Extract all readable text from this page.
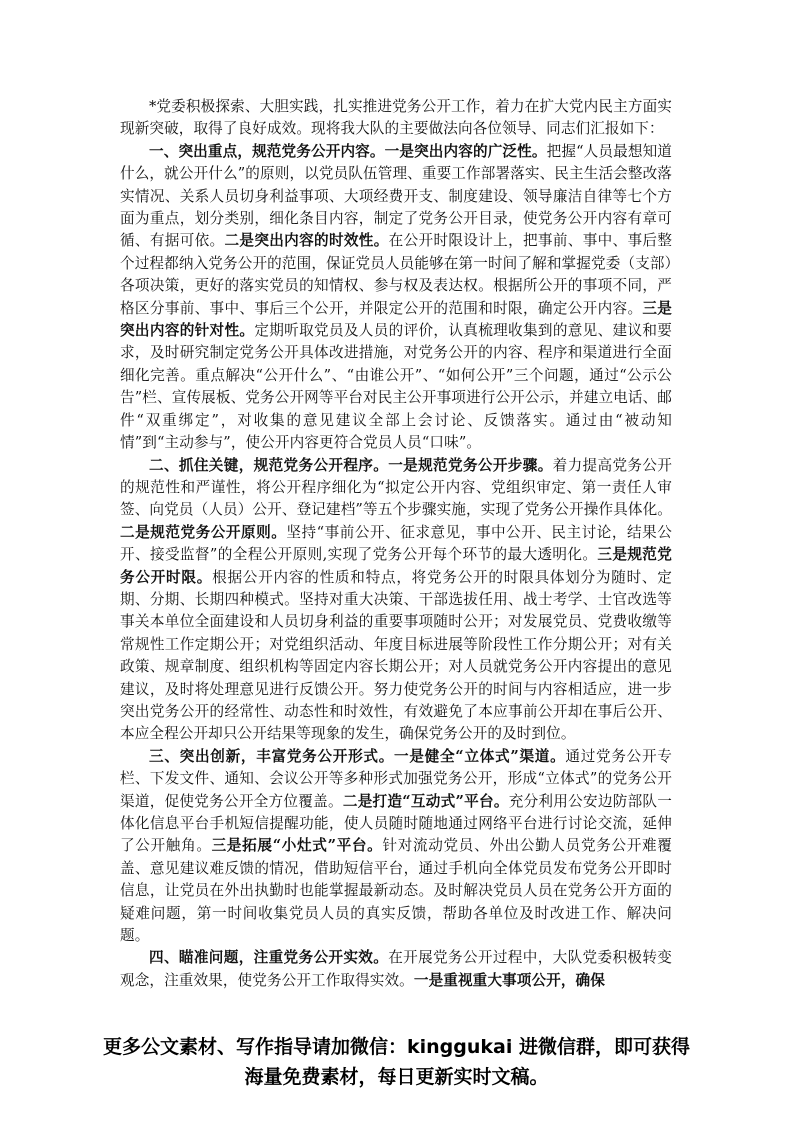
*党委积极探索、大胆实践，扎实推进党务公开工作，着力在扩大党内民主方面实现新突破，取得了良好成效。现将我大队的主要做法向各位领导、同志们汇报如下：

一、突出重点，规范党务公开内容。一是突出内容的广泛性。把握“人员最想知道什么，就公开什么”的原则，以党员队伍管理、重要工作部署落实、民主生活会整改落实情况、关系人员切身利益事项、大项经费开支、制度建设、领导廉洁自律等七个方面为重点，划分类别，细化条目内容，制定了党务公开目录，使党务公开内容有章可循、有据可依。二是突出内容的时效性。在公开时限设计上，把事前、事中、事后整个过程都纳入党务公开的范围，保证党员人员能够在第一时间了解和掌握党委（支部）各项决策，更好的落实党员的知情权、参与权及表达权。根据所公开的事项不同，严格区分事前、事中、事后三个公开，并限定公开的范围和时限，确定公开内容。三是突出内容的针对性。定期听取党员及人员的评价，认真梳理收集到的意见、建议和要求，及时研究制定党务公开具体改进措施，对党务公开的内容、程序和渠道进行全面细化完善。重点解决“公开什么”、“由谁公开”、“如何公开”三个问题，通过“公示公告”栏、宣传展板、党务公开网等平台对民主公开事项进行公开公示，并建立电话、邮件“双重绑定”，对收集的意见建议全部上会讨论、反馈落实。通过由“被动知情”到“主动参与”，使公开内容更符合党员人员“口味”。

二、抓住关键，规范党务公开程序。一是规范党务公开步骤。着力提高党务公开的规范性和严谨性，将公开程序细化为“拟定公开内容、党组织审定、第一责任人审签、向党员（人员）公开、登记建档”等五个步骤实施，实现了党务公开操作具体化。二是规范党务公开原则。坚持“事前公开、征求意见，事中公开、民主讨论，结果公开、接受监督”的全程公开原则,实现了党务公开每个环节的最大透明化。三是规范党务公开时限。根据公开内容的性质和特点，将党务公开的时限具体划分为随时、定期、分期、长期四种模式。坚持对重大决策、干部选拔任用、战士考学、士官改选等事关本单位全面建设和人员切身利益的重要事项随时公开；对发展党员、党费收缴等常规性工作定期公开；对党组织活动、年度目标进展等阶段性工作分期公开；对有关政策、规章制度、组织机构等固定内容长期公开；对人员就党务公开内容提出的意见建议，及时将处理意见进行反馈公开。努力使党务公开的时间与内容相适应，进一步突出党务公开的经常性、动态性和时效性，有效避免了本应事前公开却在事后公开、本应全程公开却只公开结果等现象的发生，确保党务公开的及时到位。

三、突出创新，丰富党务公开形式。一是健全“立体式”渠道。通过党务公开专栏、下发文件、通知、会议公开等多种形式加强党务公开，形成“立体式”的党务公开渠道，促使党务公开全方位覆盖。二是打造“互动式”平台。充分利用公安边防部队一体化信息平台手机短信提醒功能，使人员随时随地通过网络平台进行讨论交流，延伸了公开触角。三是拓展“小灶式”平台。针对流动党员、外出公勤人员党务公开难覆盖、意见建议难反馈的情况，借助短信平台，通过手机向全体党员发布党务公开即时信息，让党员在外出执勤时也能掌握最新动态。及时解决党员人员在党务公开方面的疑难问题，第一时间收集党员人员的真实反馈，帮助各单位及时改进工作、解决问题。

四、瞄准问题，注重党务公开实效。在开展党务公开过程中，大队党委积极转变观念，注重效果，使党务公开工作取得实效。一是重视重大事项公开，确保

更多公文素材、写作指导请加微信：kinggukai 进微信群，即可获得
海量免费素材，每日更新实时文稿。
